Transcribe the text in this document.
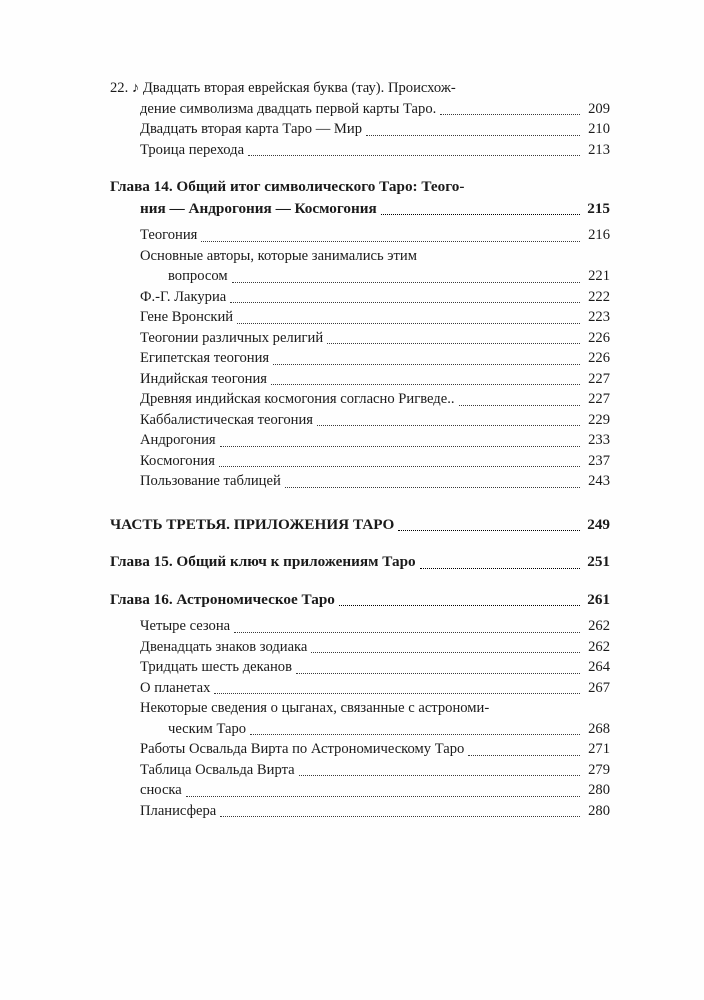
22. ♪ Двадцать вторая еврейская буква (тау). Происхож-
дение символизма двадцать первой карты Таро.	209
Двадцать вторая карта Таро — Мир	210
Троица перехода	213
Глава 14. Общий итог символического Таро: Теого-
ния — Андрогония — Космогония	215
Теогония	216
Основные авторы, которые занимались этим
вопросом	221
Ф.-Г. Лакуриа	222
Гене Вронский	223
Теогонии различных религий	226
Египетская теогония	226
Индийская теогония	227
Древняя индийская космогония согласно Ригведе..	227
Каббалистическая теогония	229
Андрогония	233
Космогония	237
Пользование таблицей	243
ЧАСТЬ ТРЕТЬЯ. ПРИЛОЖЕНИЯ ТАРО	249
Глава 15. Общий ключ к приложениям Таро	251
Глава 16. Астрономическое Таро	261
Четыре сезона	262
Двенадцать знаков зодиака	262
Тридцать шесть деканов	264
О планетах	267
Некоторые сведения о цыганах, связанные с астрономи-
ческим Таро	268
Работы Освальда Вирта по Астрономическому Таро	271
Таблица Освальда Вирта	279
сноска	280
Планисфера	280
